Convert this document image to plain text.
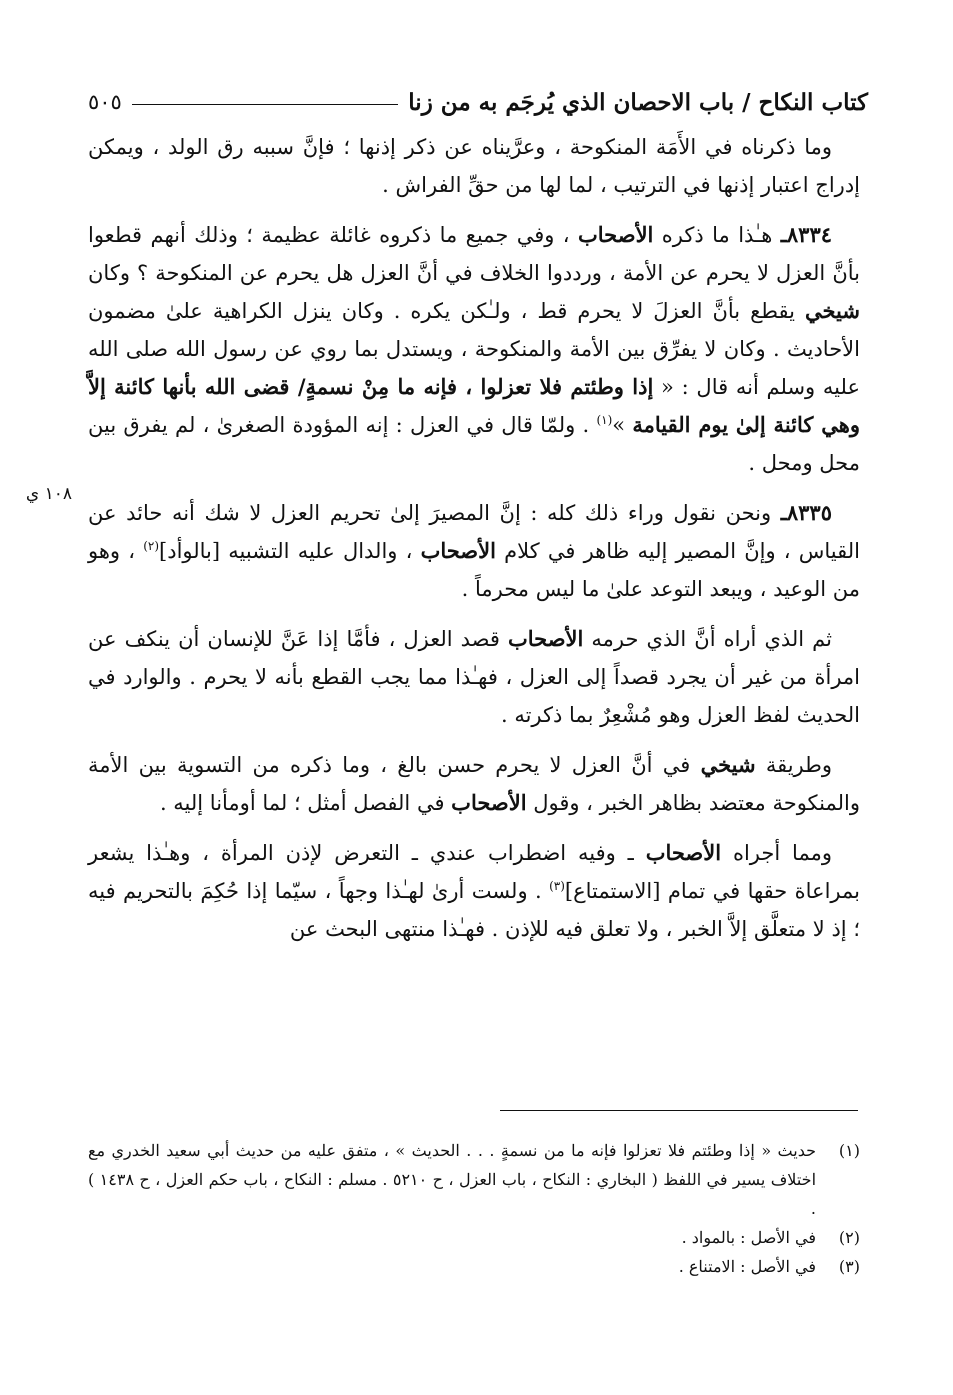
كتاب النكاح / باب الاحصان الذي يُرجَم به من زنا
٥٠٥
١٠٨ ي

وما ذكرناه في الأَمَة المنكوحة ، وعرَّيناه عن ذكر إذنها ؛ فإنَّ سببه رق الولد ، ويمكن إدراج اعتبار إذنها في الترتيب ، لما لها من حقِّ الفراش .

٨٣٣٤ـ هـٰذا ما ذكره الأصحاب ، وفي جميع ما ذكروه غائلة عظيمة ؛ وذلك أنهم قطعوا بأنَّ العزل لا يحرم عن الأمة ، ورددوا الخلاف في أنَّ العزل هل يحرم عن المنكوحة ؟ وكان شيخي يقطع بأنَّ العزلَ لا يحرم قط ، ولـٰكن يكره . وكان ينزل الكراهية علىٰ مضمون الأحاديث . وكان لا يفرِّق بين الأمة والمنكوحة ، ويستدل بما روي عن رسول الله صلى الله عليه وسلم أنه قال : « إذا وطئتم فلا تعزلوا ، فإنه ما مِنْ نسمةٍ/ قضى الله بأنها كائنة إلاَّ وهي كائنة إلىٰ يوم القيامة »$^{(١)}$ . ولمّا قال في العزل : إنه المؤودة الصغرىٰ ، لم يفرق بين محل ومحل .

٨٣٣٥ـ ونحن نقول وراء ذلك كله : إنَّ المصيرَ إلىٰ تحريم العزل لا شك أنه حائد عن القياس ، وإنَّ المصير إليه ظاهر في كلام الأصحاب ، والدال عليه التشبيه [بالوأد]$^{(٢)}$ ، وهو من الوعيد ، ويبعد التوعد علىٰ ما ليس محرماً .

ثم الذي أراه أنَّ الذي حرمه الأصحاب قصد العزل ، فأمَّا إذا عَنَّ للإنسان أن ينكف عن امرأة من غير أن يجرد قصداً إلى العزل ، فهـٰذا مما يجب القطع بأنه لا يحرم . والوارد في الحديث لفظ العزل وهو مُشْعِرٌ بما ذكرته .

وطريقة شيخي في أنَّ العزل لا يحرم حسن بالغ ، وما ذكره من التسوية بين الأمة والمنكوحة معتضد بظاهر الخبر ، وقول الأصحاب في الفصل أمثل ؛ لما أومأنا إليه .

ومما أجراه الأصحاب ـ وفيه اضطراب عندي ـ التعرض لإذن المرأة ، وهـٰذا يشعر بمراعاة حقها في تمام [الاستمتاع]$^{(٣)}$ . ولست أرىٰ لهـٰذا وجهاً ، سيّما إذا حُكِمَ بالتحريم فيه ؛ إذ لا متعلَّق إلاَّ الخبر ، ولا تعلق فيه للإذن . فهـٰذا منتهى البحث عن

(١)
حديث « إذا وطئتم فلا تعزلوا فإنه ما من نسمةٍ . . . الحديث » ، متفق عليه من حديث أبي سعيد الخدري مع اختلاف يسير في اللفظ ( البخاري : النكاح ، باب العزل ، ح ٥٢١٠ . مسلم : النكاح ، باب حكم العزل ، ح ١٤٣٨ ) .
(٢)
في الأصل : بالمواد .
(٣)
في الأصل : الامتناع .
